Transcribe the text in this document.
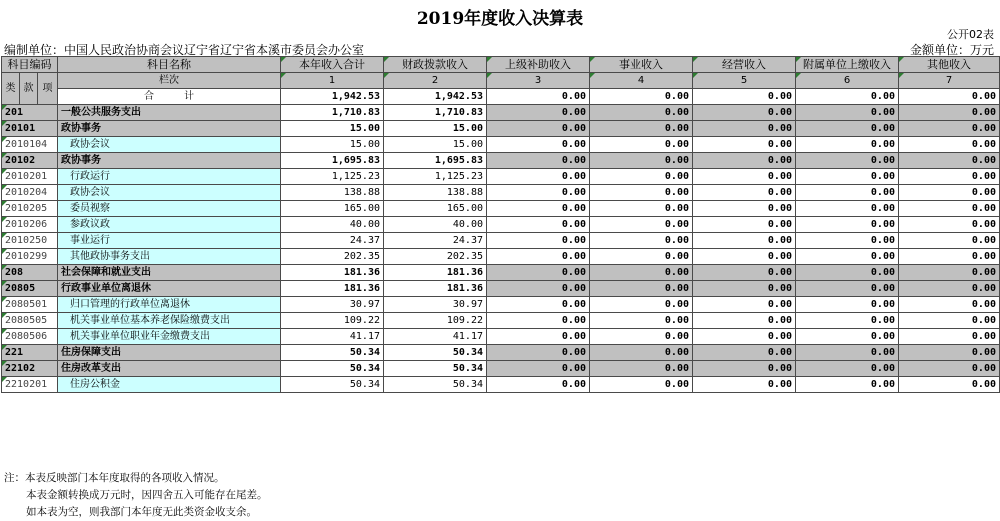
2019年度收入决算表
公开02表
编制单位：中国人民政治协商会议辽宁省辽宁省本溪市委员会办公室	金额单位：万元
科目编码			科目名称	本年收入合计	财政拨款收入	上级补助收入	事业收入	经营收入	附属单位上缴收入	其他收入
类	款	项	栏次	1	2	3	4	5	6	7
			合　　　计	1,942.53	1,942.53	0.00	0.00	0.00	0.00	0.00
201			一般公共服务支出	1,710.83	1,710.83	0.00	0.00	0.00	0.00	0.00
20101			政协事务	15.00	15.00	0.00	0.00	0.00	0.00	0.00
2010104			政协会议	15.00	15.00	0.00	0.00	0.00	0.00	0.00
20102			政协事务	1,695.83	1,695.83	0.00	0.00	0.00	0.00	0.00
2010201			行政运行	1,125.23	1,125.23	0.00	0.00	0.00	0.00	0.00
2010204			政协会议	138.88	138.88	0.00	0.00	0.00	0.00	0.00
2010205			委员视察	165.00	165.00	0.00	0.00	0.00	0.00	0.00
2010206			参政议政	40.00	40.00	0.00	0.00	0.00	0.00	0.00
2010250			事业运行	24.37	24.37	0.00	0.00	0.00	0.00	0.00
2010299			其他政协事务支出	202.35	202.35	0.00	0.00	0.00	0.00	0.00
208			社会保障和就业支出	181.36	181.36	0.00	0.00	0.00	0.00	0.00
20805			行政事业单位离退休	181.36	181.36	0.00	0.00	0.00	0.00	0.00
2080501			归口管理的行政单位离退休	30.97	30.97	0.00	0.00	0.00	0.00	0.00
2080505			机关事业单位基本养老保险缴费支出	109.22	109.22	0.00	0.00	0.00	0.00	0.00
2080506			机关事业单位职业年金缴费支出	41.17	41.17	0.00	0.00	0.00	0.00	0.00
221			住房保障支出	50.34	50.34	0.00	0.00	0.00	0.00	0.00
22102			住房改革支出	50.34	50.34	0.00	0.00	0.00	0.00	0.00
2210201			住房公积金	50.34	50.34	0.00	0.00	0.00	0.00	0.00
注：本表反映部门本年度取得的各项收入情况。
本表金额转换成万元时，因四舍五入可能存在尾差。
如本表为空，则我部门本年度无此类资金收支余。
